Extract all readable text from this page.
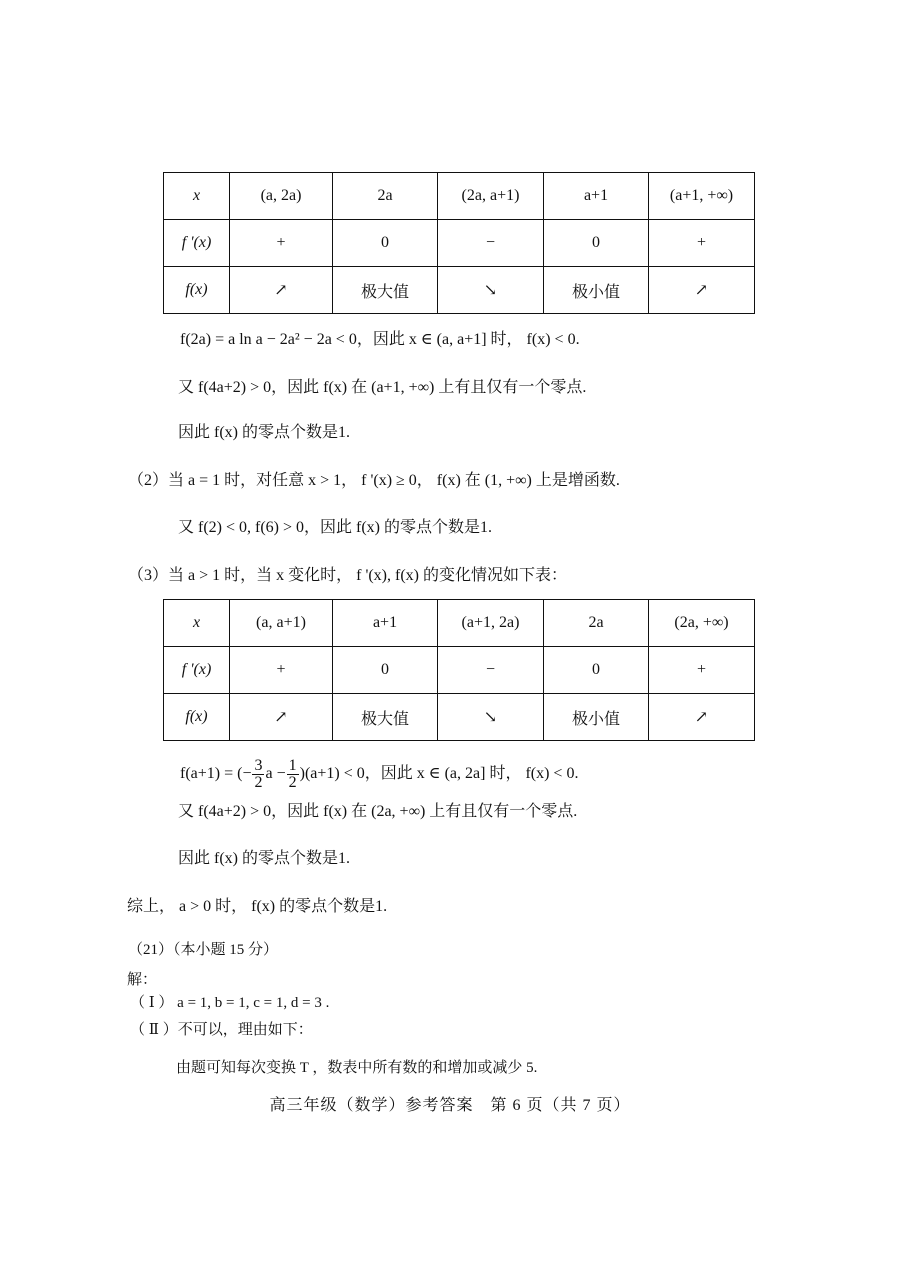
x	(a, 2a)	2a	(2a, a+1)	a+1	(a+1, +∞)
f '(x)	+	0	−	0	+
f(x)	↗	极大值	↘	极小值	↗
f(2a) = a ln a − 2a² − 2a < 0，因此 x ∈ (a, a+1] 时， f(x) < 0.
又 f(4a+2) > 0，因此 f(x) 在 (a+1, +∞) 上有且仅有一个零点.
因此 f(x) 的零点个数是1.
（2）当 a = 1 时，对任意 x > 1， f '(x) ≥ 0， f(x) 在 (1, +∞) 上是增函数.
又 f(2) < 0, f(6) > 0，因此 f(x) 的零点个数是1.
（3）当 a > 1 时，当 x 变化时， f '(x), f(x) 的变化情况如下表：
x	(a, a+1)	a+1	(a+1, 2a)	2a	(2a, +∞)
f '(x)	+	0	−	0	+
f(x)	↗	极大值	↘	极小值	↗
f(a+1) = (− $\frac{3}{2}$ $a - \frac{1}{2} )(a+1) < 0$，因此 x ∈ (a, 2a] 时， f(x) < 0.
又 f(4a+2) > 0，因此 f(x) 在 (2a, +∞) 上有且仅有一个零点.
因此 f(x) 的零点个数是1.
综上， a > 0 时， f(x) 的零点个数是1.
（21）（本小题 15 分）
解：
（ Ⅰ ） a = 1, b = 1, c = 1, d = 3 .
（ Ⅱ ）不可以，理由如下：
由题可知每次变换 T ，数表中所有数的和增加或减少 5.
高三年级（数学）参考答案　第 6 页（共 7 页）
